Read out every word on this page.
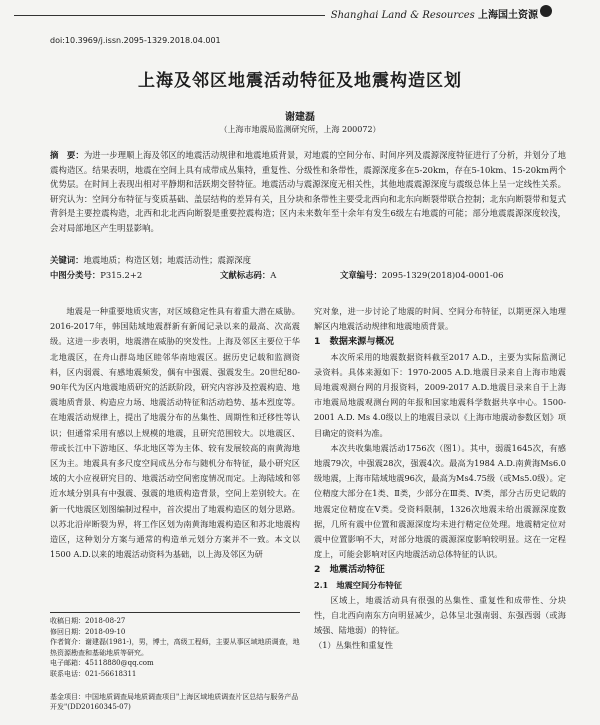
Shanghai Land & Resources 上海国土资源
doi:10.3969/j.issn.2095-1329.2018.04.001
上海及邻区地震活动特征及地震构造区划
谢建磊
（上海市地震局监测研究所，上海 200072）
摘　要：为进一步理顺上海及邻区的地震活动规律和地震地质背景，对地震的空间分布、时间序列及震源深度特征进行了分析，并划分了地震构造区。结果表明，地震在空间上具有成带成丛集特，重复性、分级性和条带性，震源深度多在5-20km，存在5-10km、15-20km两个优势层。在时间上表现出相对平静期和活跃期交替特征。地震活动与震源深度无相关性，其他地震震源深度与震级总体上呈一定线性关系。研究认为：空间分布特征与变质基础、盖层结构的差异有关，且分块和条带性主要受北西向和北东向断裂带联合控制；北东向断裂带和复式背斜是主要控震构造，北西和北北西向断裂是重要控震构造；区内未来数年至十余年有发生6级左右地震的可能；部分地震震源深度较浅，会对局部地区产生明显影响。
关键词：地震地质；构造区划；地震活动性；震源深度
中图分类号：P315.2+2	文献标志码：A	文章编号：2095-1329(2018)04-0001-06

地震是一种重要地质灾害，对区域稳定性具有着重大潜在威胁。2016-2017年，韩国陆域地震群新有新闻记录以来的最高、次高震级。这进一步表明，地震潜在威胁的突发性。上海及邻区主要位于华北地震区，在舟山群岛地区睦邻华南地震区。据历史记载和监测资料，区内弱震、有感地震频发，偶有中强震、强震发生。20世纪80-90年代为区内地震地质研究的活跃阶段，研究内容涉及控震构造、地震地质背景、构造应力场、地震活动特征和活动趋势、基本烈度等。在地震活动规律上，提出了地震分布的丛集性、周期性和迁移性等认识；但通常采用有感以上规模的地震，且研究范围较大。以地震区、带或长江中下游地区、华北地区等为主体、较有发展较高的南黄海地区为主。地震具有多尺度空间成丛分布与随机分布特征，最小研究区域的大小应视研究目的、地震活动空间密度情况而定。上海陆域和邻近水域分别具有中强震、强震的地质构造背景，空间上差别较大。在新一代地震区划图编制过程中，首次提出了地震构造区的划分思路。以苏北沿岸断裂为界，将工作区划为南黄海地震构造区和苏北地震构造区，这种划分方案与通常的构造单元划分方案并不一致。本文以1500 A.D.以来的地震活动资料为基础，以上海及邻区为研

究对象，进一步讨论了地震的时间、空间分布特征，以期更深入地理解区内地震活动规律和地震地质背景。

1　数据来源与概况

本次所采用的地震数据资料截至2017 A.D.，主要为实际监测记录资料。具体来源如下：1970-2005 A.D.地震目录来自上海市地震局地震观测台网的月报资料，2009-2017 A.D.地震目录来自于上海市地震局地震观测台网的年报和国家地震科学数据共享中心。1500-2001 A.D. Ms 4.0级以上的地震目录以《上海市地震动参数区划》项目确定的资料为准。

本次共收集地震活动1756次（图1）。其中，弱震1645次，有感地震79次，中强震28次，强震4次。最高为1984 A.D.南黄海Ms6.0级地震，上海市陆域地震96次，最高为Ms4.75级（或Ms5.0级）。定位精度大部分在1类、Ⅱ类，少部分在Ⅲ类、Ⅳ类，部分古历史记载的地震定位精度在V类。受资料限制，1326次地震未给出震源深度数据，几所有震中位置和震源深度均未进行精定位处理。地震精定位对震中位置影响不大，对部分地震的震源深度影响较明显。这在一定程度上，可能会影响对区内地震活动总体特征的认识。

2　地震活动特征

2.1　地震空间分布特征

区域上，地震活动具有很强的丛集性、重复性和成带性、分块性，自北西向南东方向明显减少，总体呈北强南弱、东强西弱（或海域强、陆地弱）的特征。

（1）丛集性和重复性

收稿日期：2018-08-27
修回日期：2018-09-10
作者简介：谢建磊(1981-)，男，博士，高级工程师，主要从事区域地质调查，地热资源勘查和基础地质等研究。
电子邮箱：45118880@qq.com
联系电话：021-56618311
基金项目：中国地质调查局地质调查项目"上海区域地质调查片区总结与服务产品开发"(DD20160345-07)
